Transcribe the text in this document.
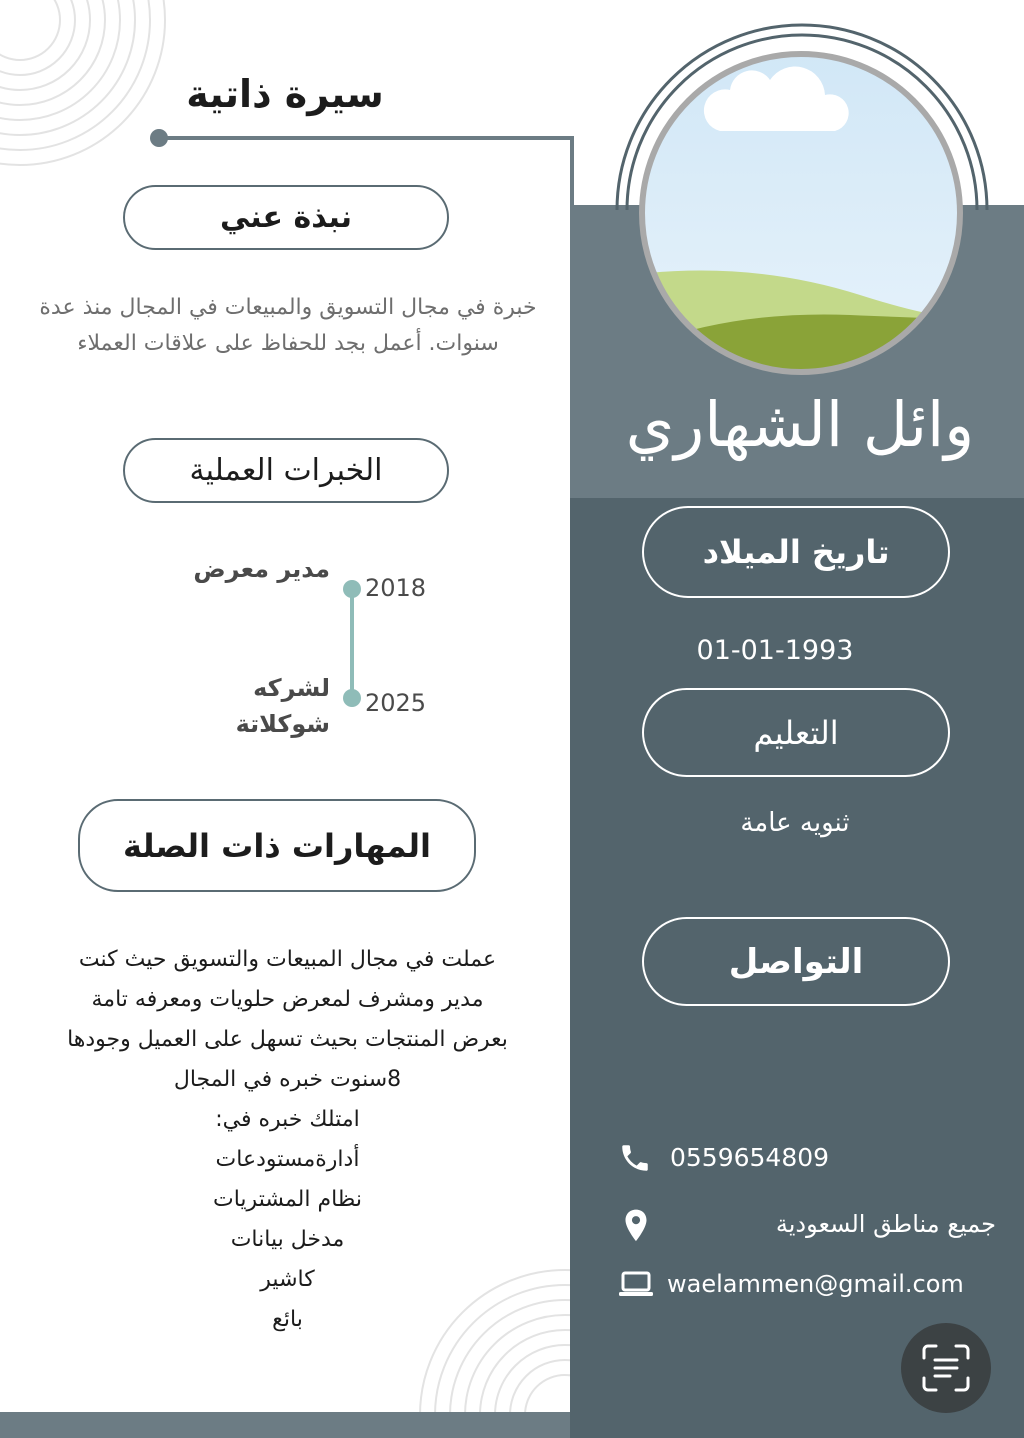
سيرة ذاتية
وائل الشهاري
نبذة عني
خبرة في مجال التسويق والمبيعات في المجال منذ عدة سنوات. أعمل بجد للحفاظ على علاقات العملاء
الخبرات العملية
2018
2025
مدير معرض
لشركه شوكلاتة
المهارات ذات الصلة
عملت في مجال المبيعات والتسويق حيث كنت
مدير ومشرف لمعرض حلويات ومعرفه تامة
بعرض المنتجات بحيث تسهل على العميل وجودها
8سنوت خبره في المجال
امتلك خبره في:
أدارةمستودعات
نظام المشتريات
مدخل بيانات
كاشير
بائع
تاريخ الميلاد
01-01-1993
التعليم
ثنويه عامة
التواصل
0559654809
جميع مناطق السعودية
waelammen@gmail.com
